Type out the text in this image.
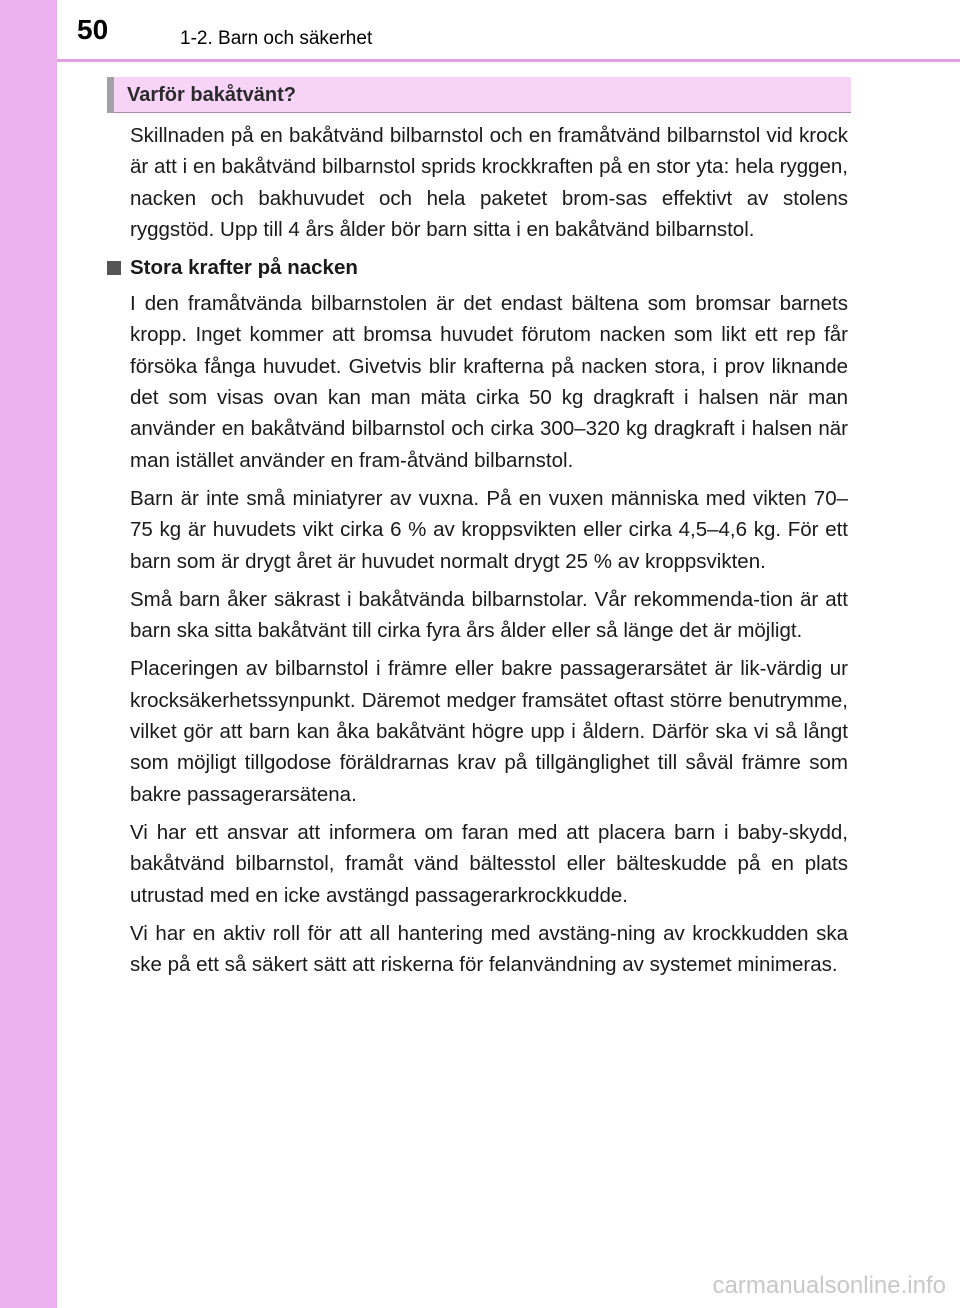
50	1-2. Barn och säkerhet
Varför bakåtvänt?

Skillnaden på en bakåtvänd bilbarnstol och en framåtvänd bilbarnstol vid krock är att i en bakåtvänd bilbarnstol sprids krockkraften på en stor yta: hela ryggen, nacken och bakhuvudet och hela paketet brom-sas effektivt av stolens ryggstöd. Upp till 4 års ålder bör barn sitta i en bakåtvänd bilbarnstol.

Stora krafter på nacken

I den framåtvända bilbarnstolen är det endast bältena som bromsar barnets kropp. Inget kommer att bromsa huvudet förutom nacken som likt ett rep får försöka fånga huvudet. Givetvis blir krafterna på nacken stora, i prov liknande det som visas ovan kan man mäta cirka 50 kg dragkraft i halsen när man använder en bakåtvänd bilbarnstol och cirka 300–320 kg dragkraft i halsen när man istället använder en fram-åtvänd bilbarnstol.

Barn är inte små miniatyrer av vuxna. På en vuxen människa med vikten 70–75 kg är huvudets vikt cirka 6 % av kroppsvikten eller cirka 4,5–4,6 kg. För ett barn som är drygt året är huvudet normalt drygt 25 % av kroppsvikten.

Små barn åker säkrast i bakåtvända bilbarnstolar. Vår rekommenda-tion är att barn ska sitta bakåtvänt till cirka fyra års ålder eller så länge det är möjligt.

Placeringen av bilbarnstol i främre eller bakre passagerarsätet är lik-värdig ur krocksäkerhetssynpunkt. Däremot medger framsätet oftast större benutrymme, vilket gör att barn kan åka bakåtvänt högre upp i åldern. Därför ska vi så långt som möjligt tillgodose föräldrarnas krav på tillgänglighet till såväl främre som bakre passagerarsätena.

Vi har ett ansvar att informera om faran med att placera barn i baby-skydd, bakåtvänd bilbarnstol, framåt vänd bältesstol eller bälteskudde på en plats utrustad med en icke avstängd passagerarkrockkudde.

Vi har en aktiv roll för att all hantering med avstäng-ning av krockkudden ska ske på ett så säkert sätt att riskerna för felanvändning av systemet minimeras.

carmanualsonline.info
